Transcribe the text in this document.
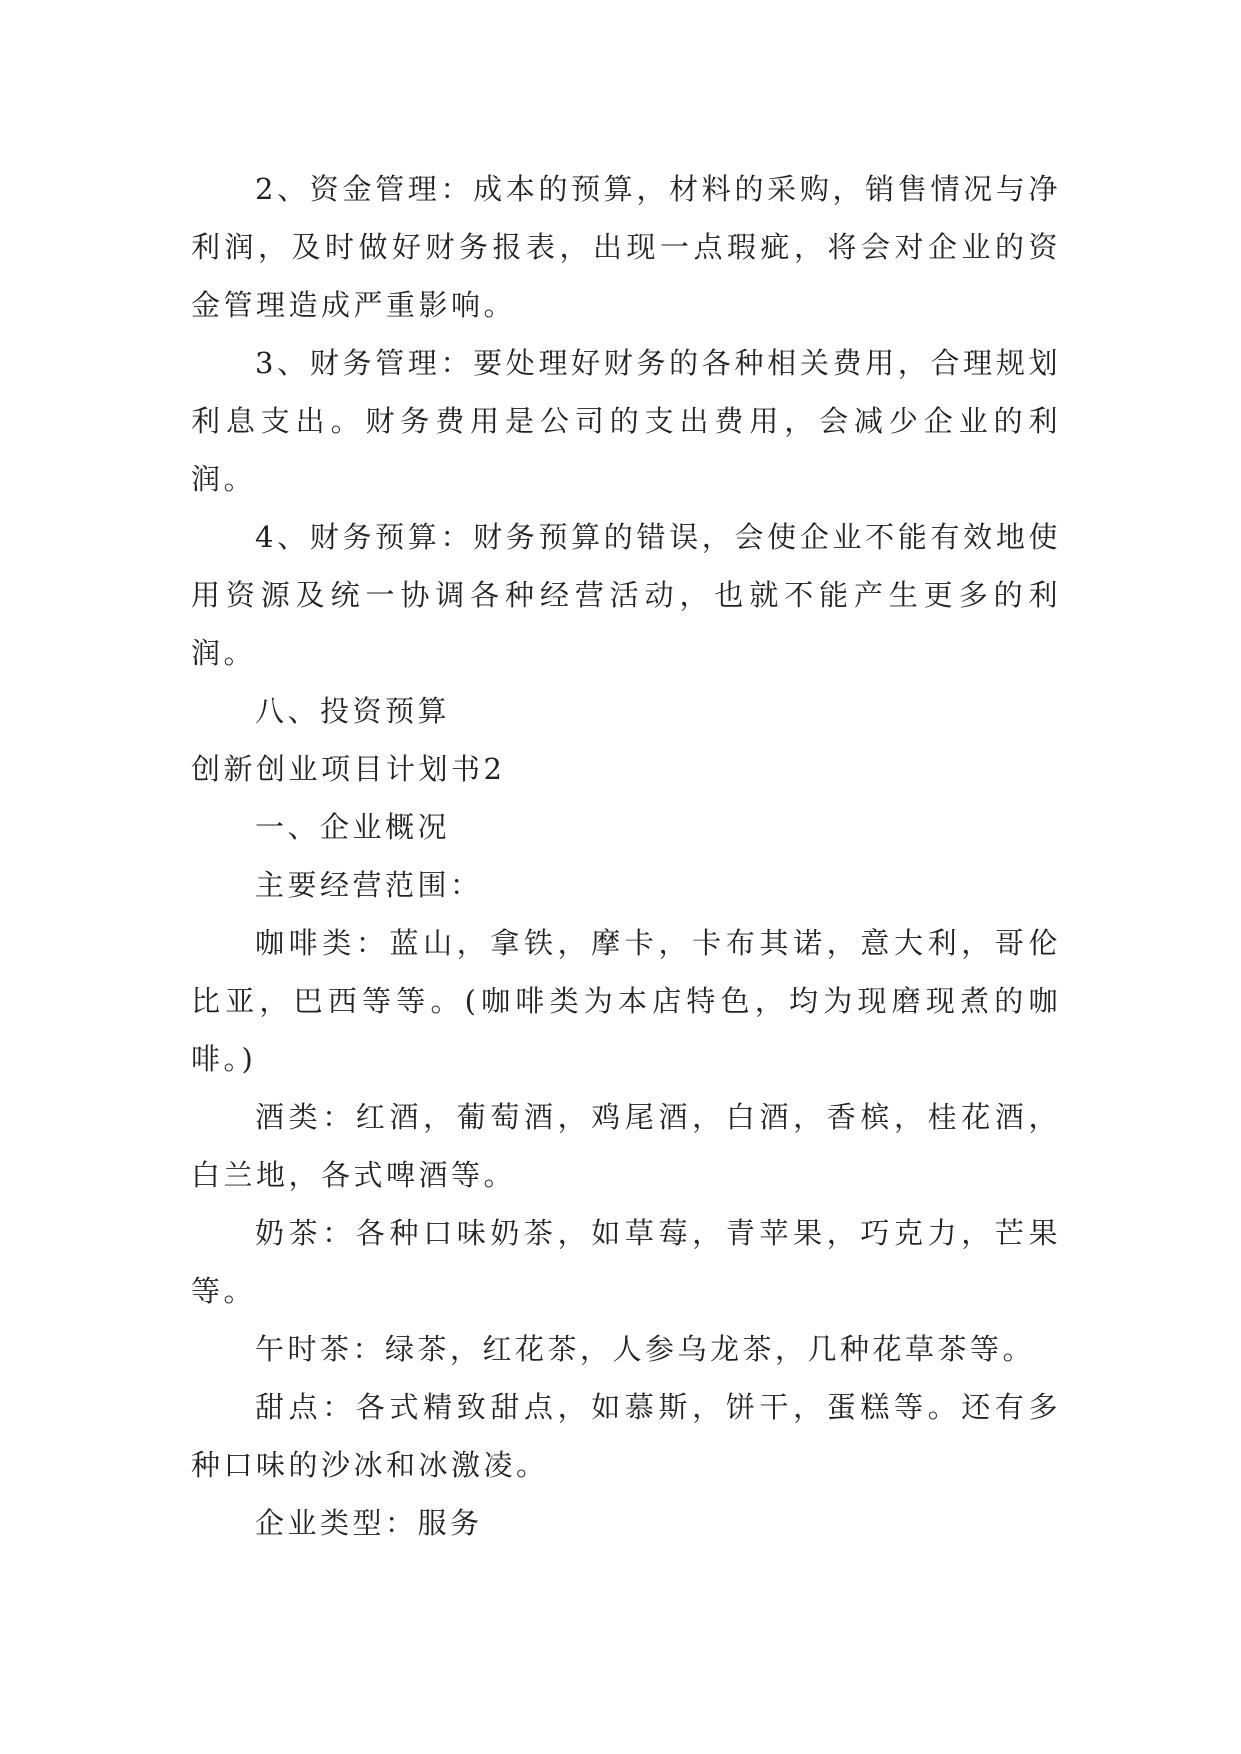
2、资金管理：成本的预算，材料的采购，销售情况与净利润，及时做好财务报表，出现一点瑕疵，将会对企业的资金管理造成严重影响。

3、财务管理：要处理好财务的各种相关费用，合理规划利息支出。财务费用是公司的支出费用，会减少企业的利润。

4、财务预算：财务预算的错误，会使企业不能有效地使用资源及统一协调各种经营活动，也就不能产生更多的利润。

八、投资预算

创新创业项目计划书2

一、企业概况

主要经营范围：

咖啡类：蓝山，拿铁，摩卡，卡布其诺，意大利，哥伦比亚，巴西等等。(咖啡类为本店特色，均为现磨现煮的咖啡。)

酒类：红酒，葡萄酒，鸡尾酒，白酒，香槟，桂花酒，白兰地，各式啤酒等。

奶茶：各种口味奶茶，如草莓，青苹果，巧克力，芒果等。

午时茶：绿茶，红花茶，人参乌龙茶，几种花草茶等。

甜点：各式精致甜点，如慕斯，饼干，蛋糕等。还有多种口味的沙冰和冰激凌。

企业类型：服务
